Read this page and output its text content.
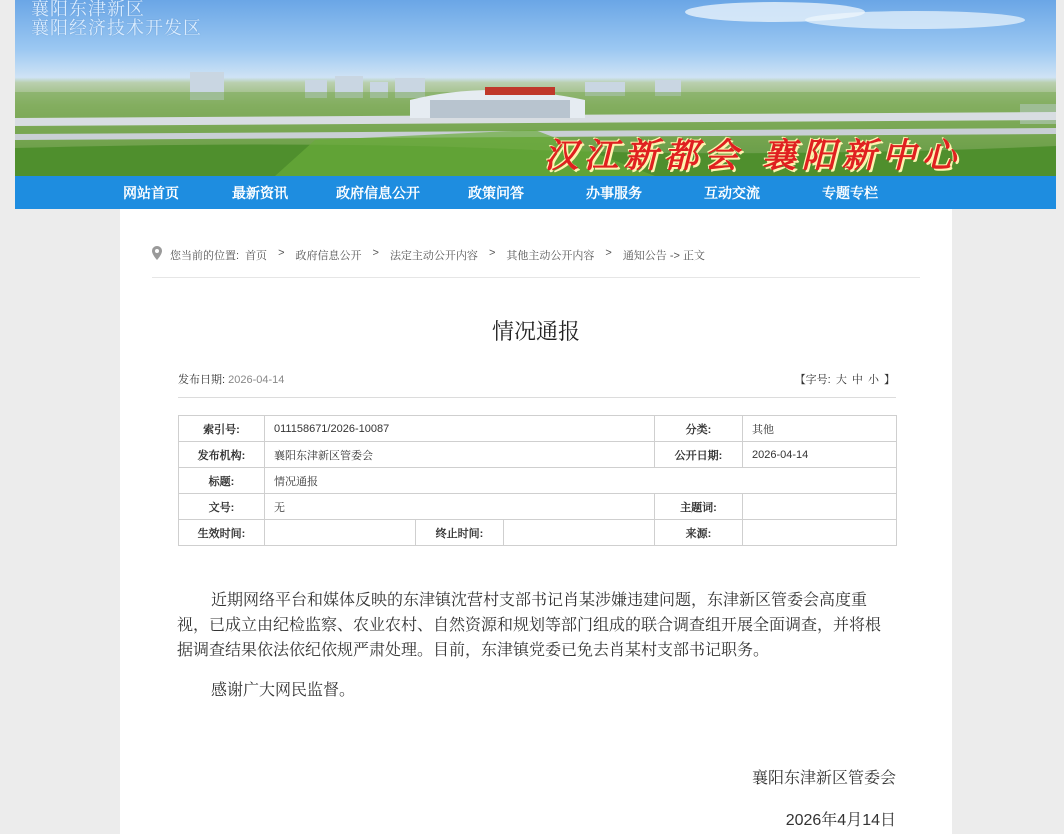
襄阳东津新区
襄阳经济技术开发区
汉江新都会 襄阳新中心
网站首页	最新资讯	政府信息公开	政策问答	办事服务	互动交流	专题专栏
您当前的位置: 首页 > 政府信息公开 > 法定主动公开内容 > 其他主动公开内容 > 通知公告 -> 正文
情况通报
发布日期: 2026-04-14	【字号: 大 中 小 】
索引号:	011158671/2026-10087			分类:	其他
发布机构:	襄阳东津新区管委会			公开日期:	2026-04-14
标题:	情况通报				
文号:	无			主题词:	
生效时间:		终止时间:		来源:	

近期网络平台和媒体反映的东津镇沈营村支部书记肖某涉嫌违建问题，东津新区管委会高度重视，已成立由纪检监察、农业农村、自然资源和规划等部门组成的联合调查组开展全面调查，并将根据调查结果依法依纪依规严肃处理。目前，东津镇党委已免去肖某村支部书记职务。

感谢广大网民监督。

襄阳东津新区管委会
2026年4月14日
